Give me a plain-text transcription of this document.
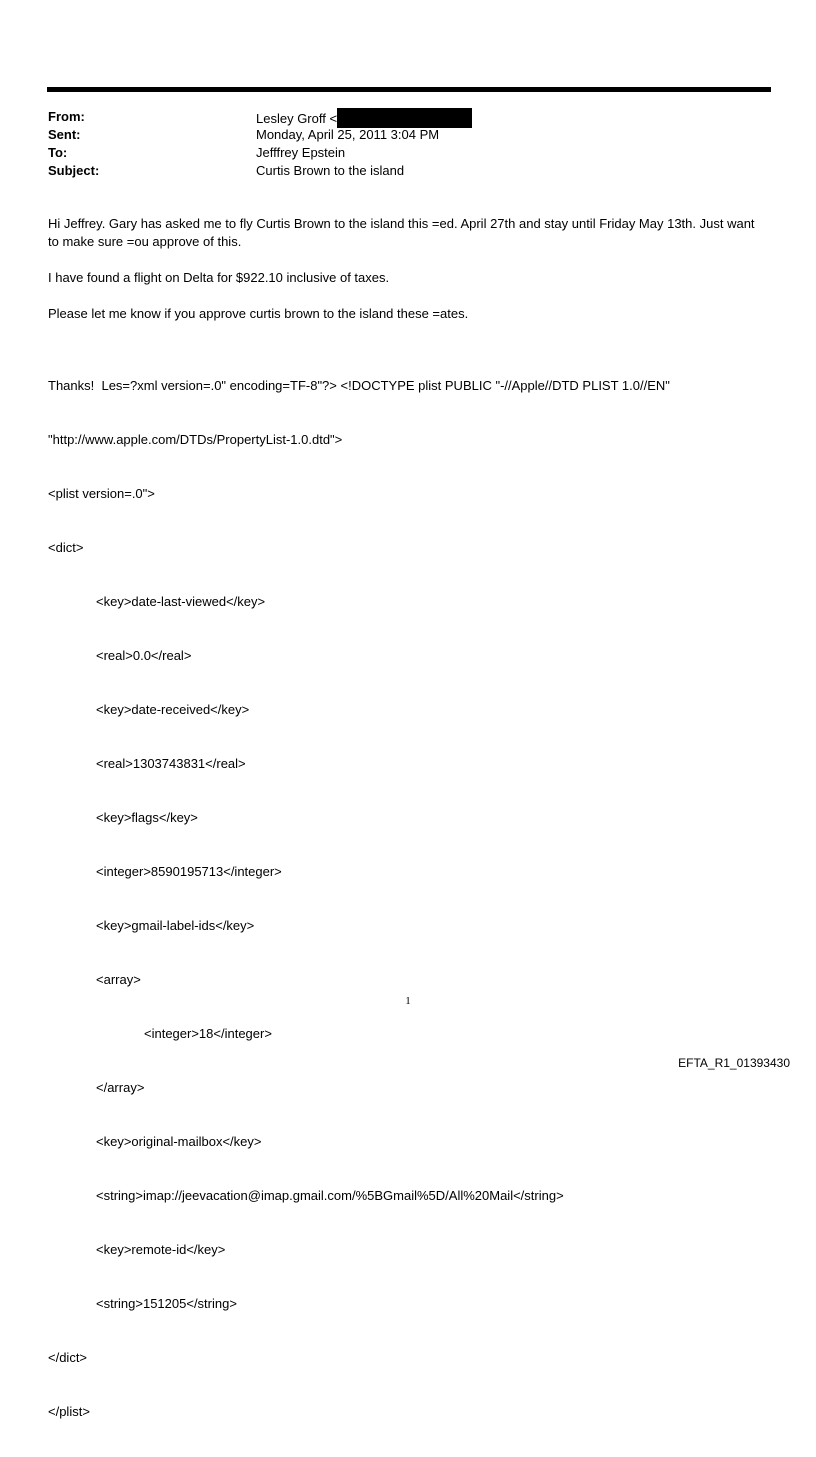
From:	Lesley Groff <
Sent:	Monday, April 25, 2011 3:04 PM
To:	Jefffrey Epstein
Subject:	Curtis Brown to the island

Hi Jeffrey. Gary has asked me to fly Curtis Brown to the island this =ed. April 27th and stay until Friday May 13th. Just want to make sure =ou approve of this.

I have found a flight on Delta for $922.10 inclusive of taxes.

Please let me know if you approve curtis brown to the island these =ates.

Thanks!  Les=?xml version=.0" encoding=TF-8"?> <!DOCTYPE plist PUBLIC "-//Apple//DTD PLIST 1.0//EN"

"http://www.apple.com/DTDs/PropertyList-1.0.dtd">

<plist version=.0">

<dict>

<key>date-last-viewed</key>

<real>0.0</real>

<key>date-received</key>

<real>1303743831</real>

<key>flags</key>

<integer>8590195713</integer>

<key>gmail-label-ids</key>

<array>

<integer>18</integer>

</array>

<key>original-mailbox</key>

<string>imap://jeevacation@imap.gmail.com/%5BGmail%5D/All%20Mail</string>

<key>remote-id</key>

<string>151205</string>

</dict>

</plist>

1
EFTA_R1_01393430
